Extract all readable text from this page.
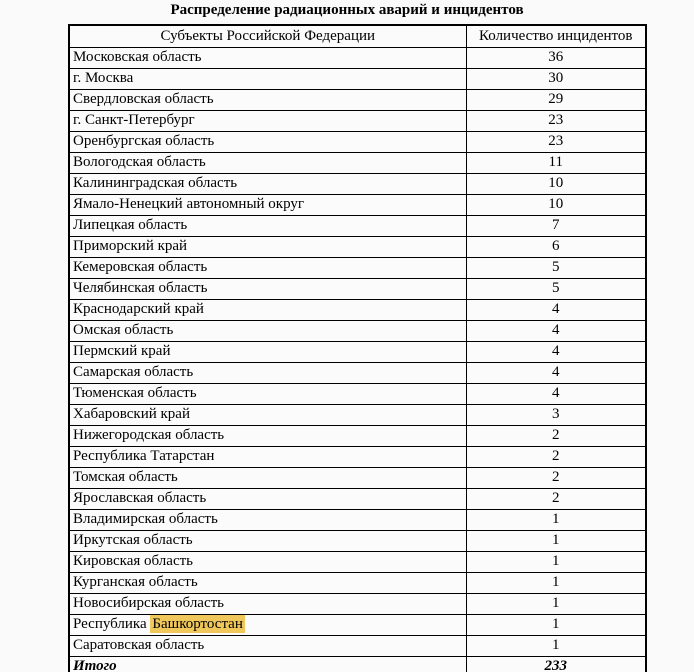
Распределение радиационных аварий и инцидентов
Субъекты Российской Федерации	Количество инцидентов
Московская область	36
г. Москва	30
Свердловская область	29
г. Санкт-Петербург	23
Оренбургская область	23
Вологодская область	11
Калининградская область	10
Ямало-Ненецкий автономный округ	10
Липецкая область	7
Приморский край	6
Кемеровская область	5
Челябинская область	5
Краснодарский край	4
Омская область	4
Пермский край	4
Самарская область	4
Тюменская область	4
Хабаровский край	3
Нижегородская область	2
Республика Татарстан	2
Томская область	2
Ярославская область	2
Владимирская область	1
Иркутская область	1
Кировская область	1
Курганская область	1
Новосибирская область	1
Республика Башкортостан	1
Саратовская область	1
Итого	233
